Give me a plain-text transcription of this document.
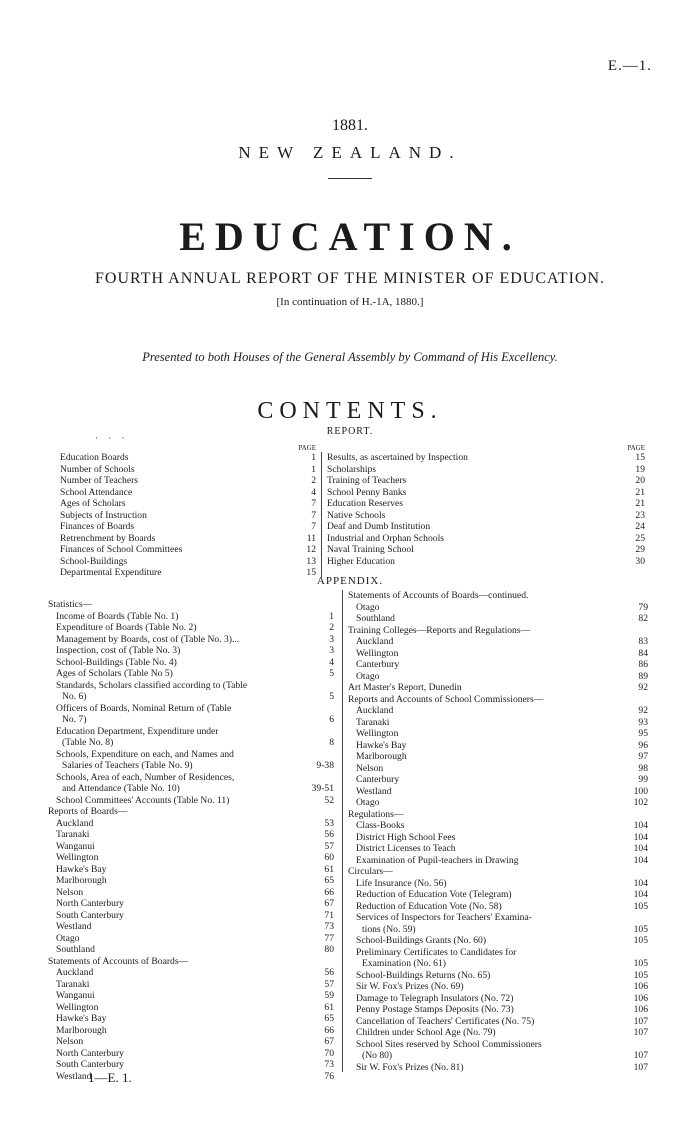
E.—1.
1881.
NEW ZEALAND.
EDUCATION.
FOURTH ANNUAL REPORT OF THE MINISTER OF EDUCATION.
[In continuation of H.-1A, 1880.]
Presented to both Houses of the General Assembly by Command of His Excellency.
CONTENTS.
· · ·
REPORT.
PAGE
Education Boards	1
Number of Schools	1
Number of Teachers	2
School Attendance	4
Ages of Scholars	7
Subjects of Instruction	7
Finances of Boards	7
Retrenchment by Boards	11
Finances of School Committees	12
School-Buildings	13
Departmental Expenditure	15
PAGE
Results, as ascertained by Inspection	15
Scholarships	19
Training of Teachers	20
School Penny Banks	21
Education Reserves	21
Native Schools	23
Deaf and Dumb Institution	24
Industrial and Orphan Schools	25
Naval Training School	29
Higher Education	30
APPENDIX.
Statistics—
Income of Boards (Table No. 1)	1
Expenditure of Boards (Table No. 2)	2
Management by Boards, cost of (Table No. 3)...	3
Inspection, cost of (Table No. 3)	3
School-Buildings (Table No. 4)	4
Ages of Scholars (Table No 5)	5
Standards, Scholars classified according to (Table
No. 6)	5
Officers of Boards, Nominal Return of (Table
No. 7)	6
Education Department, Expenditure under
(Table No. 8)	8
Schools, Expenditure on each, and Names and
Salaries of Teachers (Table No. 9)	9-38
Schools, Area of each, Number of Residences,
and Attendance (Table No. 10)	39-51
School Committees' Accounts (Table No. 11)	52
Reports of Boards—
Auckland	53
Taranaki	56
Wanganui	57
Wellington	60
Hawke's Bay	61
Marlborough	65
Nelson	66
North Canterbury	67
South Canterbury	71
Westland	73
Otago	77
Southland	80
Statements of Accounts of Boards—
Auckland	56
Taranaki	57
Wanganui	59
Wellington	61
Hawke's Bay	65
Marlborough	66
Nelson	67
North Canterbury	70
South Canterbury	73
Westland	76
Statements of Accounts of Boards—continued.
Otago	79
Southland	82
Training Colleges—Reports and Regulations—
Auckland	83
Wellington	84
Canterbury	86
Otago	89
Art Master's Report, Dunedin	92
Reports and Accounts of School Commissioners—
Auckland	92
Taranaki	93
Wellington	95
Hawke's Bay	96
Marlborough	97
Nelson	98
Canterbury	99
Westland	100
Otago	102
Regulations—
Class-Books	104
District High School Fees	104
District Licenses to Teach	104
Examination of Pupil-teachers in Drawing	104
Circulars—
Life Insurance (No. 56)	104
Reduction of Education Vote (Telegram)	104
Reduction of Education Vote (No. 58)	105
Services of Inspectors for Teachers' Examina-
tions (No. 59)	105
School-Buildings Grants (No. 60)	105
Preliminary Certificates to Candidates for
Examination (No. 61)	105
School-Buildings Returns (No. 65)	105
Sir W. Fox's Prizes (No. 69)	106
Damage to Telegraph Insulators (No. 72)	106
Penny Postage Stamps Deposits (No. 73)	106
Cancellation of Teachers' Certificates (No. 75)	107
Children under School Age (No. 79)	107
School Sites reserved by School Commissioners
(No 80)	107
Sir W. Fox's Prizes (No. 81)	107
1—E. 1.
